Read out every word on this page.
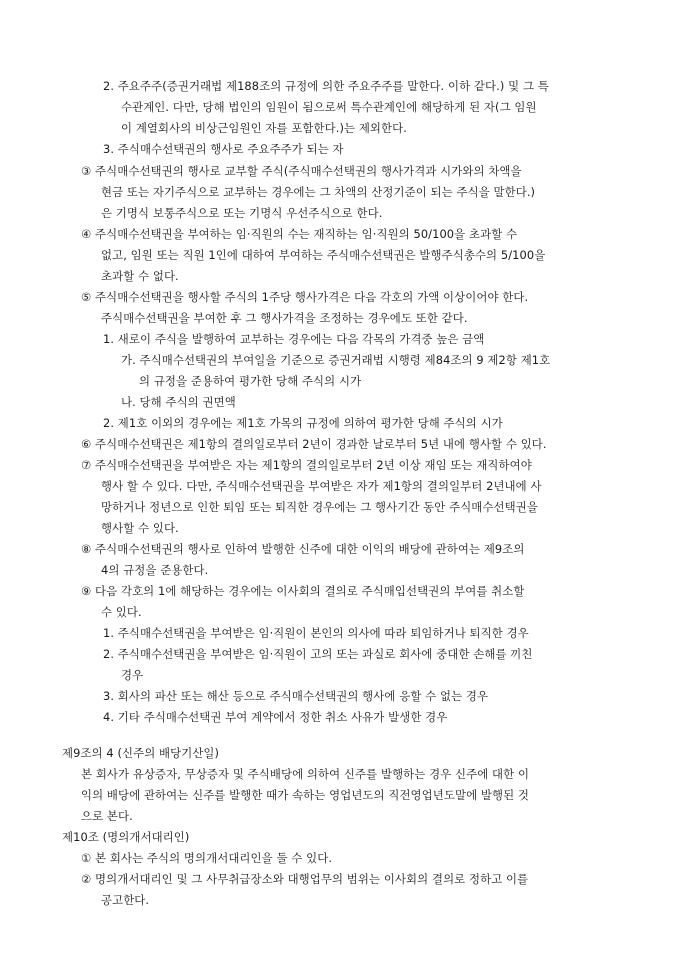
2. 주요주주(증권거래법 제188조의 규정에 의한 주요주주를 말한다. 이하 같다.) 및 그 특
수관계인. 다만, 당해 법인의 임원이 됨으로써 특수관계인에 해당하게 된 자(그 임원
이 계열회사의 비상근임원인 자를 포함한다.)는 제외한다.
3. 주식매수선택권의 행사로 주요주주가 되는 자
③ 주식매수선택권의 행사로 교부할 주식(주식매수선택권의 행사가격과 시가와의 차액을
현금 또는 자기주식으로 교부하는 경우에는 그 차액의 산정기준이 되는 주식을 말한다.)
은 기명식 보통주식으로 또는 기명식 우선주식으로 한다.
④ 주식매수선택권을 부여하는 임·직원의 수는 재직하는 임·직원의 50/100을 초과할 수
없고, 임원 또는 직원 1인에 대하여 부여하는 주식매수선택권은 발행주식총수의 5/100을
초과할 수 없다.
⑤ 주식매수선택권을 행사할 주식의 1주당 행사가격은 다음 각호의 가액 이상이어야 한다.
주식매수선택권을 부여한 후 그 행사가격을 조정하는 경우에도 또한 같다.
1. 새로이 주식을 발행하여 교부하는 경우에는 다음 각목의 가격중 높은 금액
가. 주식매수선택권의 부여일을 기준으로 증권거래법 시행령 제84조의 9 제2항 제1호
의 규정을 준용하여 평가한 당해 주식의 시가
나. 당해 주식의 권면액
2. 제1호 이외의 경우에는 제1호 가목의 규정에 의하여 평가한 당해 주식의 시가
⑥ 주식매수선택권은 제1항의 결의일로부터 2년이 경과한 날로부터 5년 내에 행사할 수 있다.
⑦ 주식매수선택권을 부여받은 자는 제1항의 결의일로부터 2년 이상 재임 또는 재직하여야
행사 할 수 있다. 다만, 주식매수선택권을 부여받은 자가 제1항의 결의일부터 2년내에 사
망하거나 정년으로 인한 퇴임 또는 퇴직한 경우에는 그 행사기간 동안 주식매수선택권을
행사할 수 있다.
⑧ 주식매수선택권의 행사로 인하여 발행한 신주에 대한 이익의 배당에 관하여는 제9조의
4의 규정을 준용한다.
⑨ 다음 각호의 1에 해당하는 경우에는 이사회의 결의로 주식매입선택권의 부여를 취소할
수 있다.
1. 주식매수선택권을 부여받은 임·직원이 본인의 의사에 따라 퇴임하거나 퇴직한 경우
2. 주식매수선택권을 부여받은 임·직원이 고의 또는 과실로 회사에 중대한 손해를 끼친
경우
3. 회사의 파산 또는 해산 등으로 주식매수선택권의 행사에 응할 수 없는 경우
4. 기타 주식매수선택권 부여 계약에서 정한 취소 사유가 발생한 경우
제9조의 4 (신주의 배당기산일)
본 회사가 유상증자, 무상증자 및 주식배당에 의하여 신주를 발행하는 경우 신주에 대한 이
익의 배당에 관하여는 신주를 발행한 때가 속하는 영업년도의 직전영업년도말에 발행된 것
으로 본다.
제10조 (명의개서대리인)
① 본 회사는 주식의 명의개서대리인을 둘 수 있다.
② 명의개서대리인 및 그 사무취급장소와 대행업무의 범위는 이사회의 결의로 정하고 이를
공고한다.
